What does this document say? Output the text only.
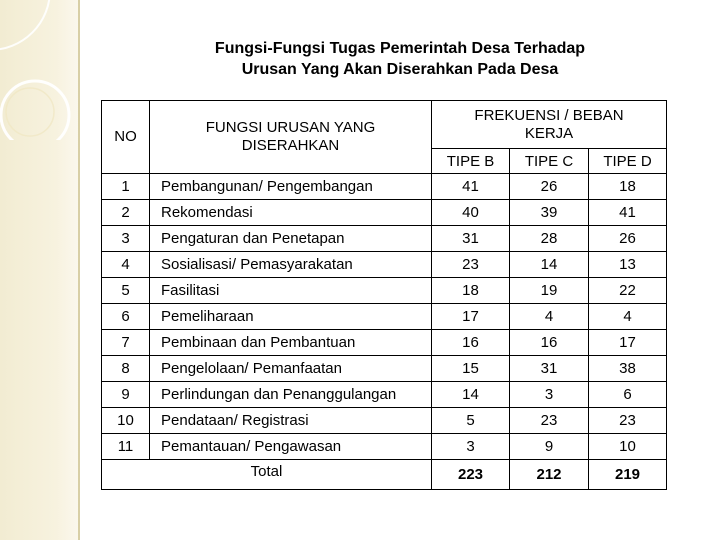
Fungsi-Fungsi Tugas Pemerintah Desa Terhadap
Urusan Yang Akan Diserahkan Pada Desa
NO	FUNGSI URUSAN YANG DISERAHKAN	FREKUENSI / BEBAN KERJA		
		TIPE B	TIPE C	TIPE D
1	Pembangunan/ Pengembangan	41	26	18
2	Rekomendasi	40	39	41
3	Pengaturan dan Penetapan	31	28	26
4	Sosialisasi/ Pemasyarakatan	23	14	13
5	Fasilitasi	18	19	22
6	Pemeliharaan	17	4	4
7	Pembinaan dan Pembantuan	16	16	17
8	Pengelolaan/ Pemanfaatan	15	31	38
9	Perlindungan dan Penanggulangan	14	3	6
10	Pendataan/ Registrasi	5	23	23
11	Pemantauan/ Pengawasan	3	9	10
Total		223	212	219
